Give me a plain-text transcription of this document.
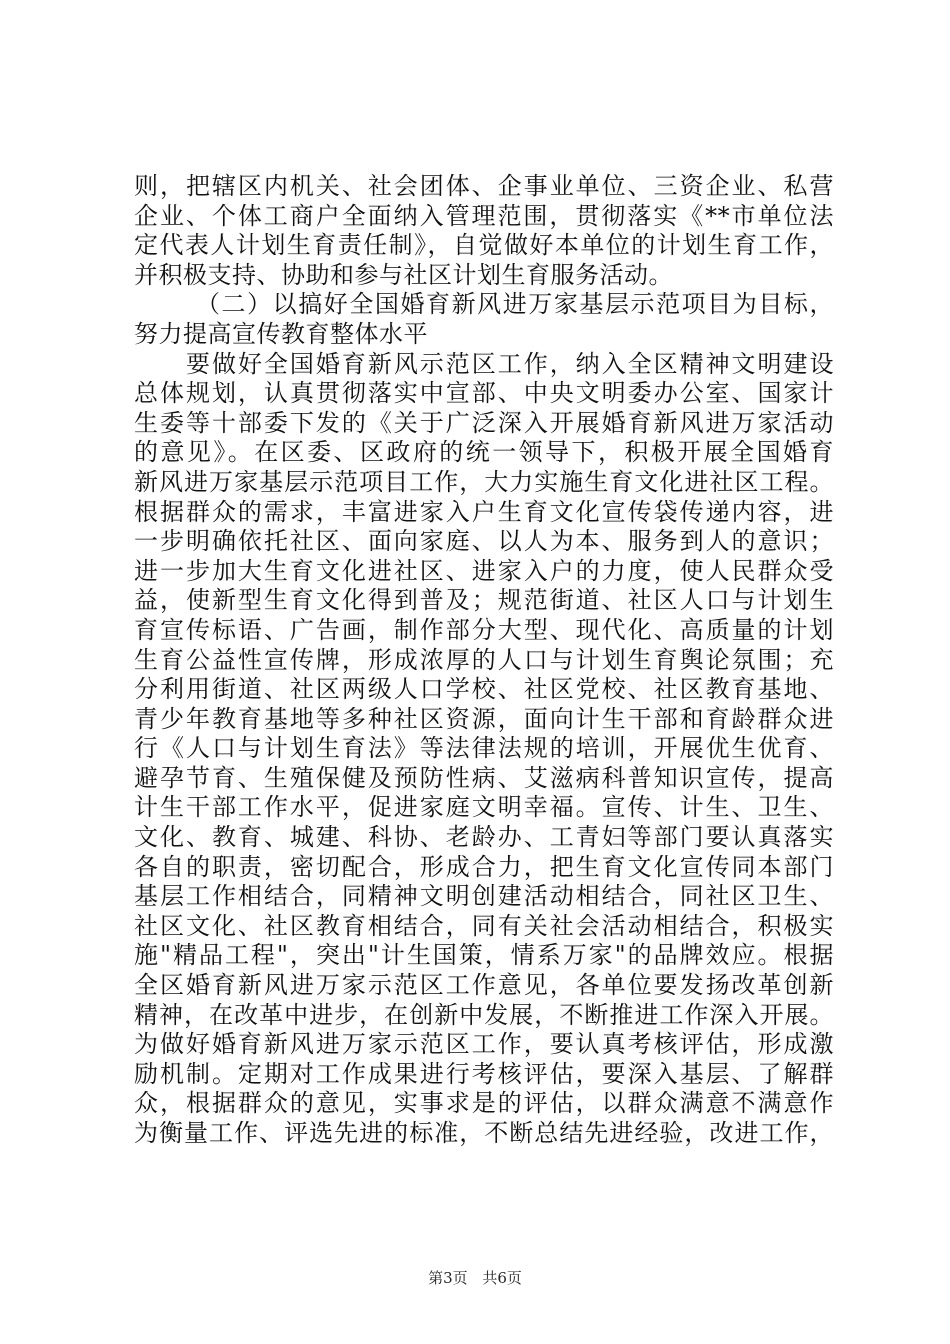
则，把辖区内机关、社会团体、企事业单位、三资企业、私营
企业、个体工商户全面纳入管理范围，贯彻落实《**市单位法
定代表人计划生育责任制》，自觉做好本单位的计划生育工作，
并积极支持、协助和参与社区计划生育服务活动。
（二）以搞好全国婚育新风进万家基层示范项目为目标，
努力提高宣传教育整体水平
要做好全国婚育新风示范区工作，纳入全区精神文明建设
总体规划，认真贯彻落实中宣部、中央文明委办公室、国家计
生委等十部委下发的《关于广泛深入开展婚育新风进万家活动
的意见》。在区委、区政府的统一领导下，积极开展全国婚育
新风进万家基层示范项目工作，大力实施生育文化进社区工程。
根据群众的需求，丰富进家入户生育文化宣传袋传递内容，进
一步明确依托社区、面向家庭、以人为本、服务到人的意识；
进一步加大生育文化进社区、进家入户的力度，使人民群众受
益，使新型生育文化得到普及；规范街道、社区人口与计划生
育宣传标语、广告画，制作部分大型、现代化、高质量的计划
生育公益性宣传牌，形成浓厚的人口与计划生育舆论氛围；充
分利用街道、社区两级人口学校、社区党校、社区教育基地、
青少年教育基地等多种社区资源，面向计生干部和育龄群众进
行《人口与计划生育法》等法律法规的培训，开展优生优育、
避孕节育、生殖保健及预防性病、艾滋病科普知识宣传，提高
计生干部工作水平，促进家庭文明幸福。宣传、计生、卫生、
文化、教育、城建、科协、老龄办、工青妇等部门要认真落实
各自的职责，密切配合，形成合力，把生育文化宣传同本部门
基层工作相结合，同精神文明创建活动相结合，同社区卫生、
社区文化、社区教育相结合，同有关社会活动相结合，积极实
施"精品工程"，突出"计生国策，情系万家"的品牌效应。根据
全区婚育新风进万家示范区工作意见，各单位要发扬改革创新
精神，在改革中进步，在创新中发展，不断推进工作深入开展。
为做好婚育新风进万家示范区工作，要认真考核评估，形成激
励机制。定期对工作成果进行考核评估，要深入基层、了解群
众，根据群众的意见，实事求是的评估，以群众满意不满意作
为衡量工作、评选先进的标准，不断总结先进经验，改进工作，
第3页 共6页
